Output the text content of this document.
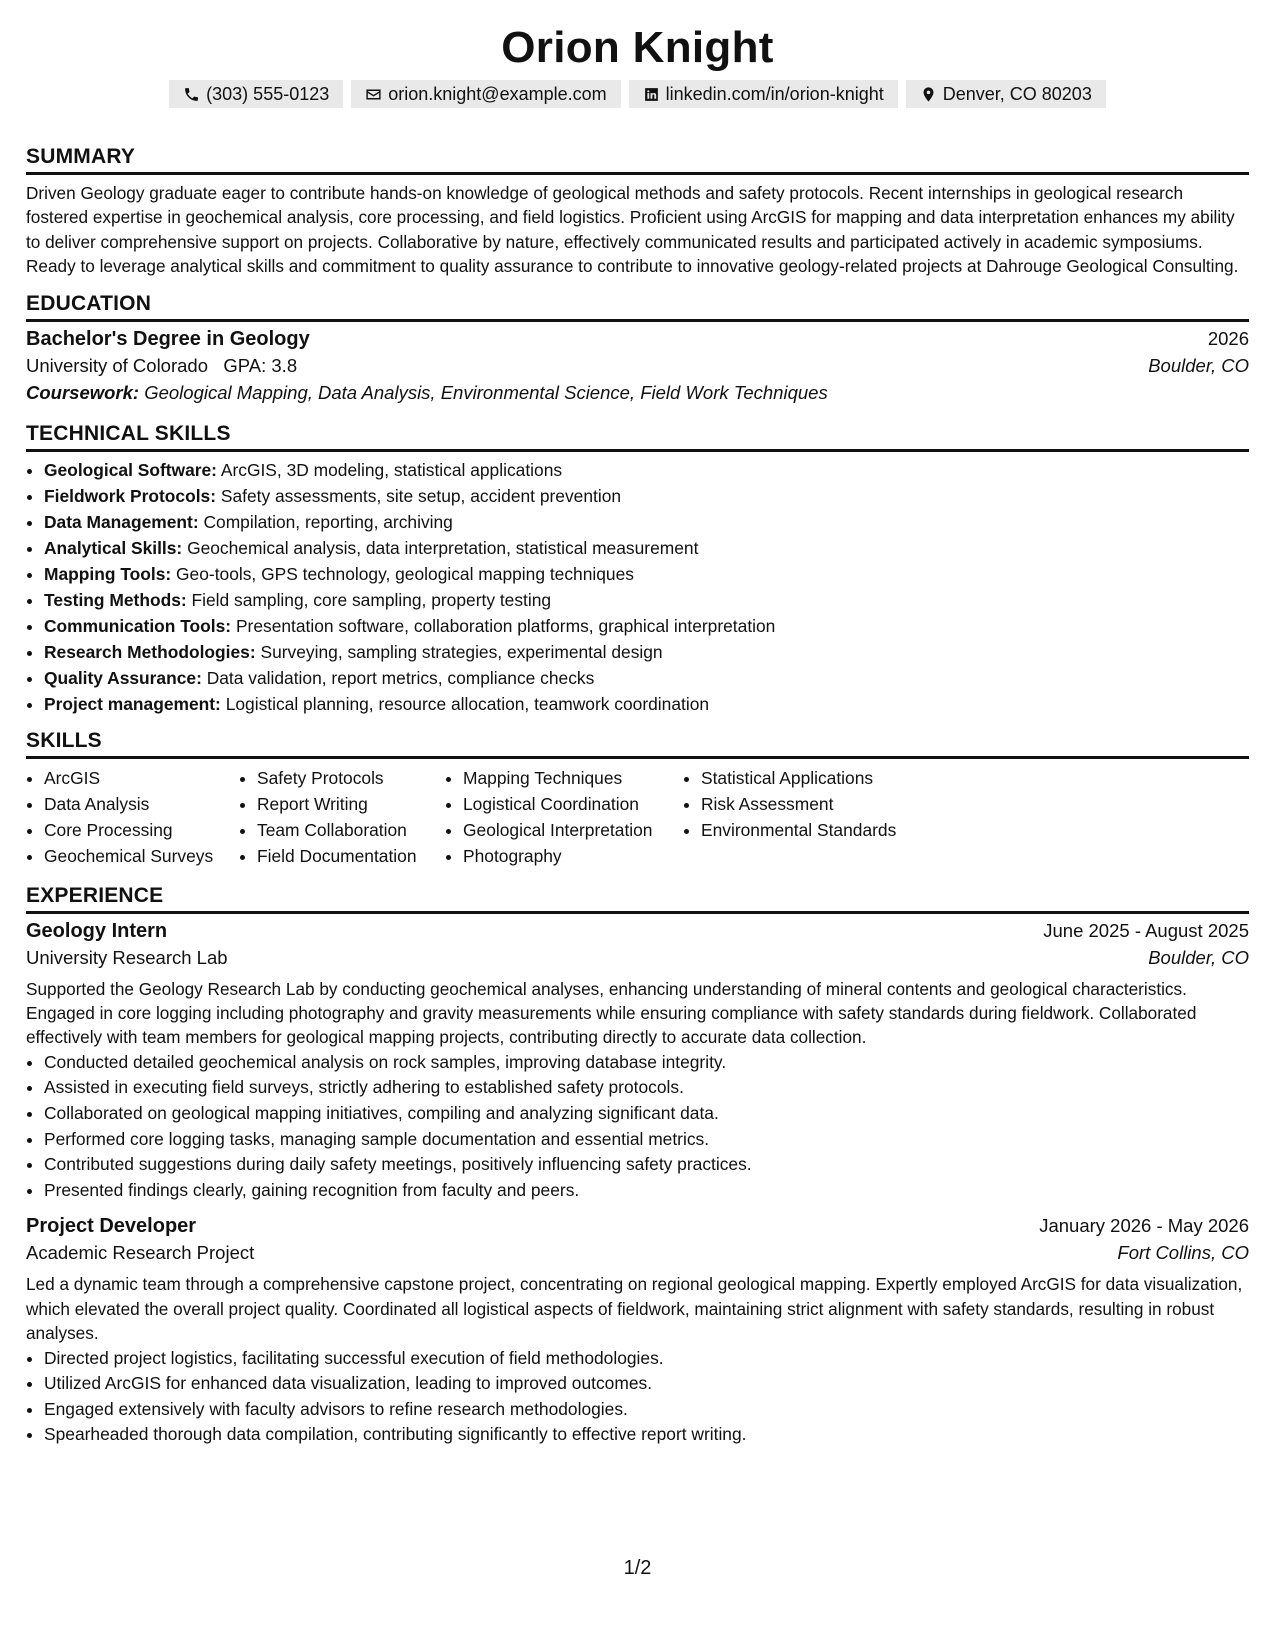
Orion Knight
(303) 555-0123	orion.knight@example.com	linkedin.com/in/orion-knight	Denver, CO 80203
SUMMARY

Driven Geology graduate eager to contribute hands-on knowledge of geological methods and safety protocols. Recent internships in geological research fostered expertise in geochemical analysis, core processing, and field logistics. Proficient using ArcGIS for mapping and data interpretation enhances my ability to deliver comprehensive support on projects. Collaborative by nature, effectively communicated results and participated actively in academic symposiums. Ready to leverage analytical skills and commitment to quality assurance to contribute to innovative geology-related projects at Dahrouge Geological Consulting.

EDUCATION
Bachelor's Degree in Geology	2026
University of Colorado GPA: 3.8	Boulder, CO
Coursework: Geological Mapping, Data Analysis, Environmental Science, Field Work Techniques
TECHNICAL SKILLS
• Geological Software: ArcGIS, 3D modeling, statistical applications
• Fieldwork Protocols: Safety assessments, site setup, accident prevention
• Data Management: Compilation, reporting, archiving
• Analytical Skills: Geochemical analysis, data interpretation, statistical measurement
• Mapping Tools: Geo-tools, GPS technology, geological mapping techniques
• Testing Methods: Field sampling, core sampling, property testing
• Communication Tools: Presentation software, collaboration platforms, graphical interpretation
• Research Methodologies: Surveying, sampling strategies, experimental design
• Quality Assurance: Data validation, report metrics, compliance checks
• Project management: Logistical planning, resource allocation, teamwork coordination
SKILLS
• ArcGIS
• Data Analysis
• Core Processing
• Geochemical Surveys
• Safety Protocols
• Report Writing
• Team Collaboration
• Field Documentation
• Mapping Techniques
• Logistical Coordination
• Geological Interpretation
• Photography
• Statistical Applications
• Risk Assessment
• Environmental Standards
EXPERIENCE
Geology Intern	June 2025 - August 2025
University Research Lab	Boulder, CO

Supported the Geology Research Lab by conducting geochemical analyses, enhancing understanding of mineral contents and geological characteristics. Engaged in core logging including photography and gravity measurements while ensuring compliance with safety standards during fieldwork. Collaborated effectively with team members for geological mapping projects, contributing directly to accurate data collection.

• Conducted detailed geochemical analysis on rock samples, improving database integrity.
• Assisted in executing field surveys, strictly adhering to established safety protocols.
• Collaborated on geological mapping initiatives, compiling and analyzing significant data.
• Performed core logging tasks, managing sample documentation and essential metrics.
• Contributed suggestions during daily safety meetings, positively influencing safety practices.
• Presented findings clearly, gaining recognition from faculty and peers.
Project Developer	January 2026 - May 2026
Academic Research Project	Fort Collins, CO

Led a dynamic team through a comprehensive capstone project, concentrating on regional geological mapping. Expertly employed ArcGIS for data visualization, which elevated the overall project quality. Coordinated all logistical aspects of fieldwork, maintaining strict alignment with safety standards, resulting in robust analyses.

• Directed project logistics, facilitating successful execution of field methodologies.
• Utilized ArcGIS for enhanced data visualization, leading to improved outcomes.
• Engaged extensively with faculty advisors to refine research methodologies.
• Spearheaded thorough data compilation, contributing significantly to effective report writing.
1/2
